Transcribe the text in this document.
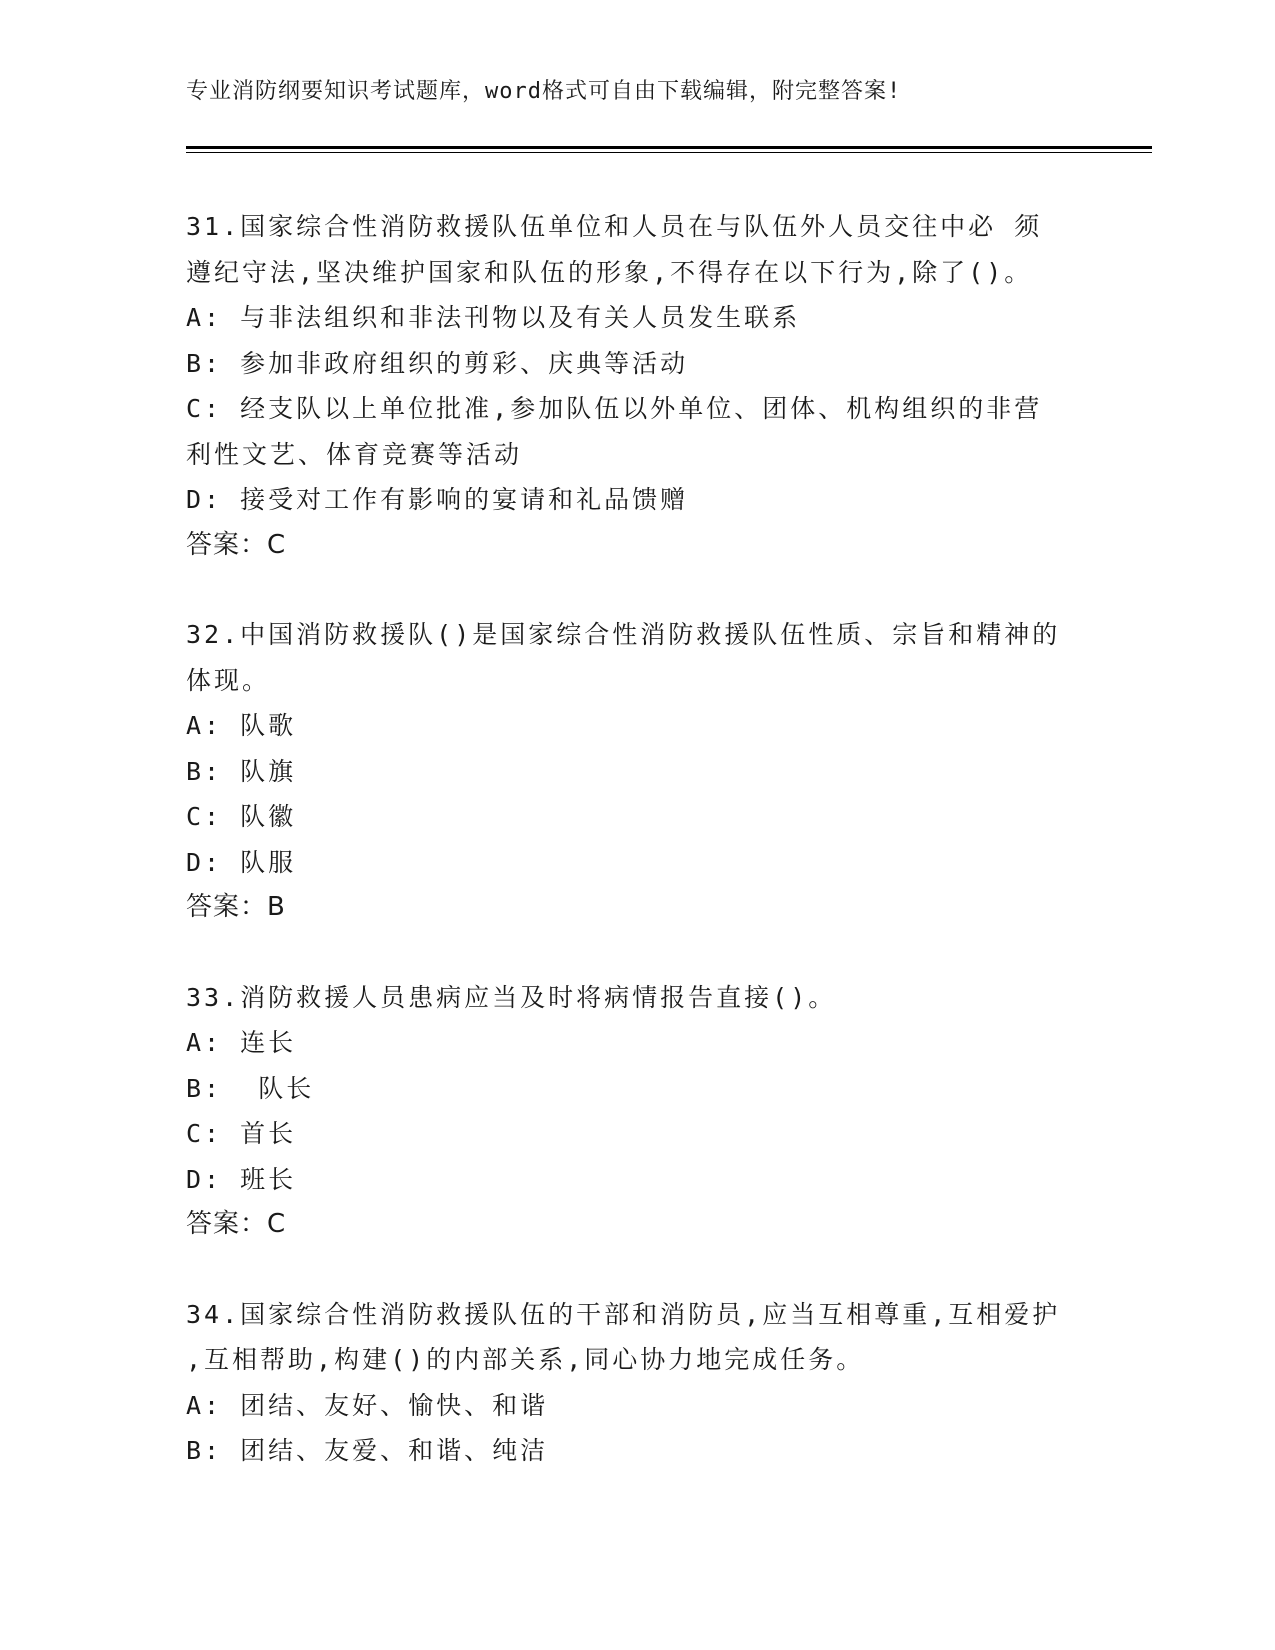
专业消防纲要知识考试题库，word格式可自由下载编辑，附完整答案!
31.国家综合性消防救援队伍单位和人员在与队伍外人员交往中必 须
遵纪守法,坚决维护国家和队伍的形象,不得存在以下行为,除了()。
A: 与非法组织和非法刊物以及有关人员发生联系
B: 参加非政府组织的剪彩、庆典等活动
C: 经支队以上单位批准,参加队伍以外单位、团体、机构组织的非营
利性文艺、体育竞赛等活动
D: 接受对工作有影响的宴请和礼品馈赠
答案：C
32.中国消防救援队()是国家综合性消防救援队伍性质、宗旨和精神的
体现。
A: 队歌
B: 队旗
C: 队徽
D: 队服
答案：B
33.消防救援人员患病应当及时将病情报告直接()。
A: 连长
B:  队长
C: 首长
D: 班长
答案：C
34.国家综合性消防救援队伍的干部和消防员,应当互相尊重,互相爱护
,互相帮助,构建()的内部关系,同心协力地完成任务。
A: 团结、友好、愉快、和谐
B: 团结、友爱、和谐、纯洁
